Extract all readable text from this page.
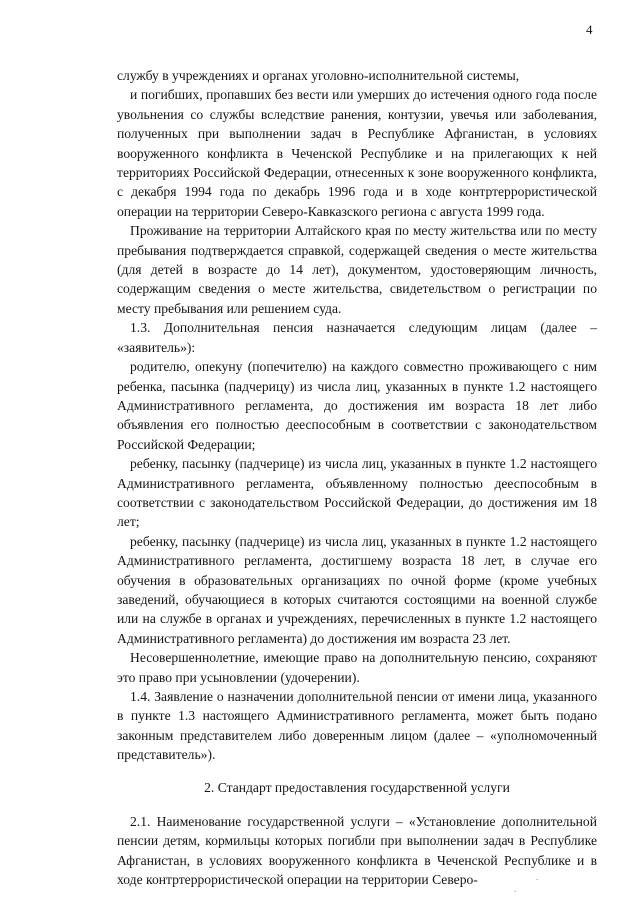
4

службу в учреждениях и органах уголовно-исполнительной системы,

и погибших, пропавших без вести или умерших до истечения одного года после увольнения со службы вследствие ранения, контузии, увечья или заболевания, полученных при выполнении задач в Республике Афганистан, в условиях вооруженного конфликта в Чеченской Республике и на прилегающих к ней территориях Российской Федерации, отнесенных к зоне вооруженного конфликта, с декабря 1994 года по декабрь 1996 года и в ходе контртеррористической операции на территории Северо-Кавказского региона с августа 1999 года.

Проживание на территории Алтайского края по месту жительства или по месту пребывания подтверждается справкой, содержащей сведения о месте жительства (для детей в возрасте до 14 лет), документом, удостоверяющим личность, содержащим сведения о месте жительства, свидетельством о регистрации по месту пребывания или решением суда.

1.3. Дополнительная пенсия назначается следующим лицам (далее – «заявитель»):

родителю, опекуну (попечителю) на каждого совместно проживающего с ним ребенка, пасынка (падчерицу) из числа лиц, указанных в пункте 1.2 настоящего Административного регламента, до достижения им возраста 18 лет либо объявления его полностью дееспособным в соответствии с законодательством Российской Федерации;

ребенку, пасынку (падчерице) из числа лиц, указанных в пункте 1.2 настоящего Административного регламента, объявленному полностью дееспособным в соответствии с законодательством Российской Федерации, до достижения им 18 лет;

ребенку, пасынку (падчерице) из числа лиц, указанных в пункте 1.2 настоящего Административного регламента, достигшему возраста 18 лет, в случае его обучения в образовательных организациях по очной форме (кроме учебных заведений, обучающиеся в которых считаются состоящими на военной службе или на службе в органах и учреждениях, перечисленных в пункте 1.2 настоящего Административного регламента) до достижения им возраста 23 лет.

Несовершеннолетние, имеющие право на дополнительную пенсию, сохраняют это право при усыновлении (удочерении).

1.4. Заявление о назначении дополнительной пенсии от имени лица, указанного в пункте 1.3 настоящего Административного регламента, может быть подано законным представителем либо доверенным лицом (далее – «уполномоченный представитель»).

2. Стандарт предоставления государственной услуги

2.1. Наименование государственной услуги – «Установление дополнительной пенсии детям, кормильцы которых погибли при выполнении задач в Республике Афганистан, в условиях вооруженного конфликта в Чеченской Республике и в ходе контртеррористической операции на территории Северо-	.
.
